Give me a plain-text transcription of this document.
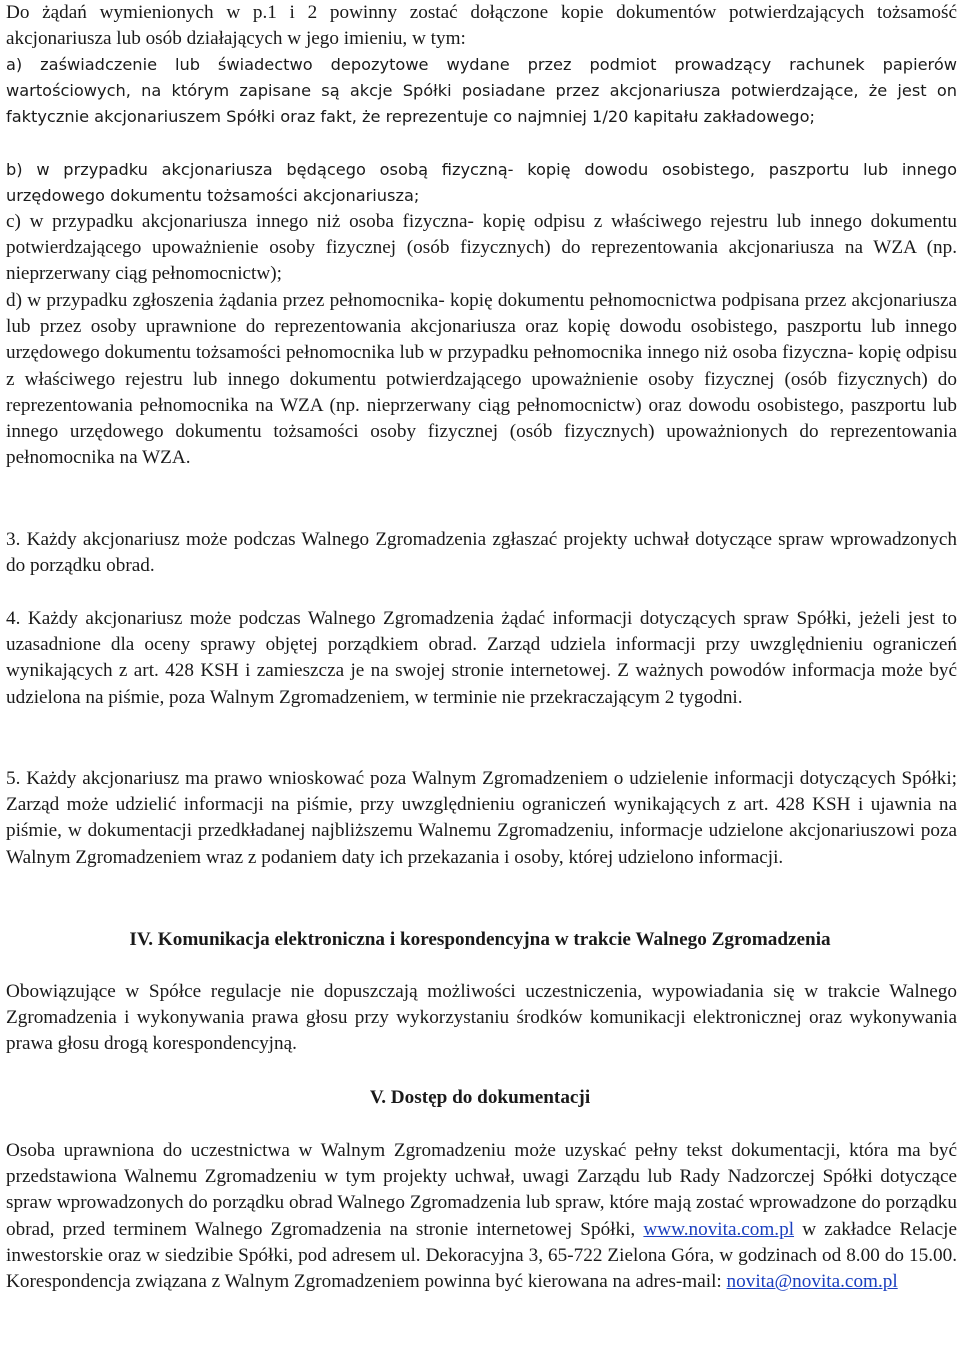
Do żądań wymienionych w p.1 i 2 powinny zostać dołączone kopie dokumentów potwierdzających tożsamość akcjonariusza lub osób działających w jego imieniu, w tym:

a) zaświadczenie lub świadectwo depozytowe wydane przez podmiot prowadzący rachunek papierów wartościowych, na którym zapisane są akcje Spółki posiadane przez akcjonariusza potwierdzające, że jest on faktycznie akcjonariuszem Spółki oraz fakt, że reprezentuje co najmniej 1/20 kapitału zakładowego;

b) w przypadku akcjonariusza będącego osobą fizyczną- kopię dowodu osobistego, paszportu lub innego urzędowego dokumentu tożsamości akcjonariusza;

c) w przypadku akcjonariusza innego niż osoba fizyczna- kopię odpisu z właściwego rejestru lub innego dokumentu potwierdzającego upoważnienie osoby fizycznej (osób fizycznych) do reprezentowania akcjonariusza na WZA (np. nieprzerwany ciąg pełnomocnictw);

d) w przypadku zgłoszenia żądania przez pełnomocnika- kopię dokumentu pełnomocnictwa podpisana przez akcjonariusza lub przez osoby uprawnione do reprezentowania akcjonariusza oraz kopię dowodu osobistego, paszportu lub innego urzędowego dokumentu tożsamości pełnomocnika lub w przypadku pełnomocnika innego niż osoba fizyczna- kopię odpisu z właściwego rejestru lub innego dokumentu potwierdzającego upoważnienie osoby fizycznej (osób fizycznych) do reprezentowania pełnomocnika na WZA (np. nieprzerwany ciąg pełnomocnictw) oraz dowodu osobistego, paszportu lub innego urzędowego dokumentu tożsamości osoby fizycznej (osób fizycznych) upoważnionych do reprezentowania pełnomocnika na WZA.

3. Każdy akcjonariusz może podczas Walnego Zgromadzenia zgłaszać projekty uchwał dotyczące spraw wprowadzonych do porządku obrad.

4. Każdy akcjonariusz może podczas Walnego Zgromadzenia żądać informacji dotyczących spraw Spółki, jeżeli jest to uzasadnione dla oceny sprawy objętej porządkiem obrad. Zarząd udziela informacji przy uwzględnieniu ograniczeń wynikających z art. 428 KSH i zamieszcza je na swojej stronie internetowej. Z ważnych powodów informacja może być udzielona na piśmie, poza Walnym Zgromadzeniem, w terminie nie przekraczającym 2 tygodni.

5. Każdy akcjonariusz ma prawo wnioskować poza Walnym Zgromadzeniem o udzielenie informacji dotyczących Spółki; Zarząd może udzielić informacji na piśmie, przy uwzględnieniu ograniczeń wynikających z art. 428 KSH i ujawnia na piśmie, w dokumentacji przedkładanej najbliższemu Walnemu Zgromadzeniu, informacje udzielone akcjonariuszowi poza Walnym Zgromadzeniem wraz z podaniem daty ich przekazania i osoby, której udzielono informacji.

IV. Komunikacja elektroniczna i korespondencyjna w trakcie Walnego Zgromadzenia

Obowiązujące w Spółce regulacje nie dopuszczają możliwości uczestniczenia, wypowiadania się w trakcie Walnego Zgromadzenia i wykonywania prawa głosu przy wykorzystaniu środków komunikacji elektronicznej oraz wykonywania prawa głosu drogą korespondencyjną.

V. Dostęp do dokumentacji

Osoba uprawniona do uczestnictwa w Walnym Zgromadzeniu może uzyskać pełny tekst dokumentacji, która ma być przedstawiona Walnemu Zgromadzeniu w tym projekty uchwał, uwagi Zarządu lub Rady Nadzorczej Spółki dotyczące spraw wprowadzonych do porządku obrad Walnego Zgromadzenia lub spraw, które mają zostać wprowadzone do porządku obrad, przed terminem Walnego Zgromadzenia na stronie internetowej Spółki, www.novita.com.pl w zakładce Relacje inwestorskie oraz w siedzibie Spółki, pod adresem ul. Dekoracyjna 3, 65-722 Zielona Góra, w godzinach od 8.00 do 15.00. Korespondencja związana z Walnym Zgromadzeniem powinna być kierowana na adres-mail: novita@novita.com.pl
